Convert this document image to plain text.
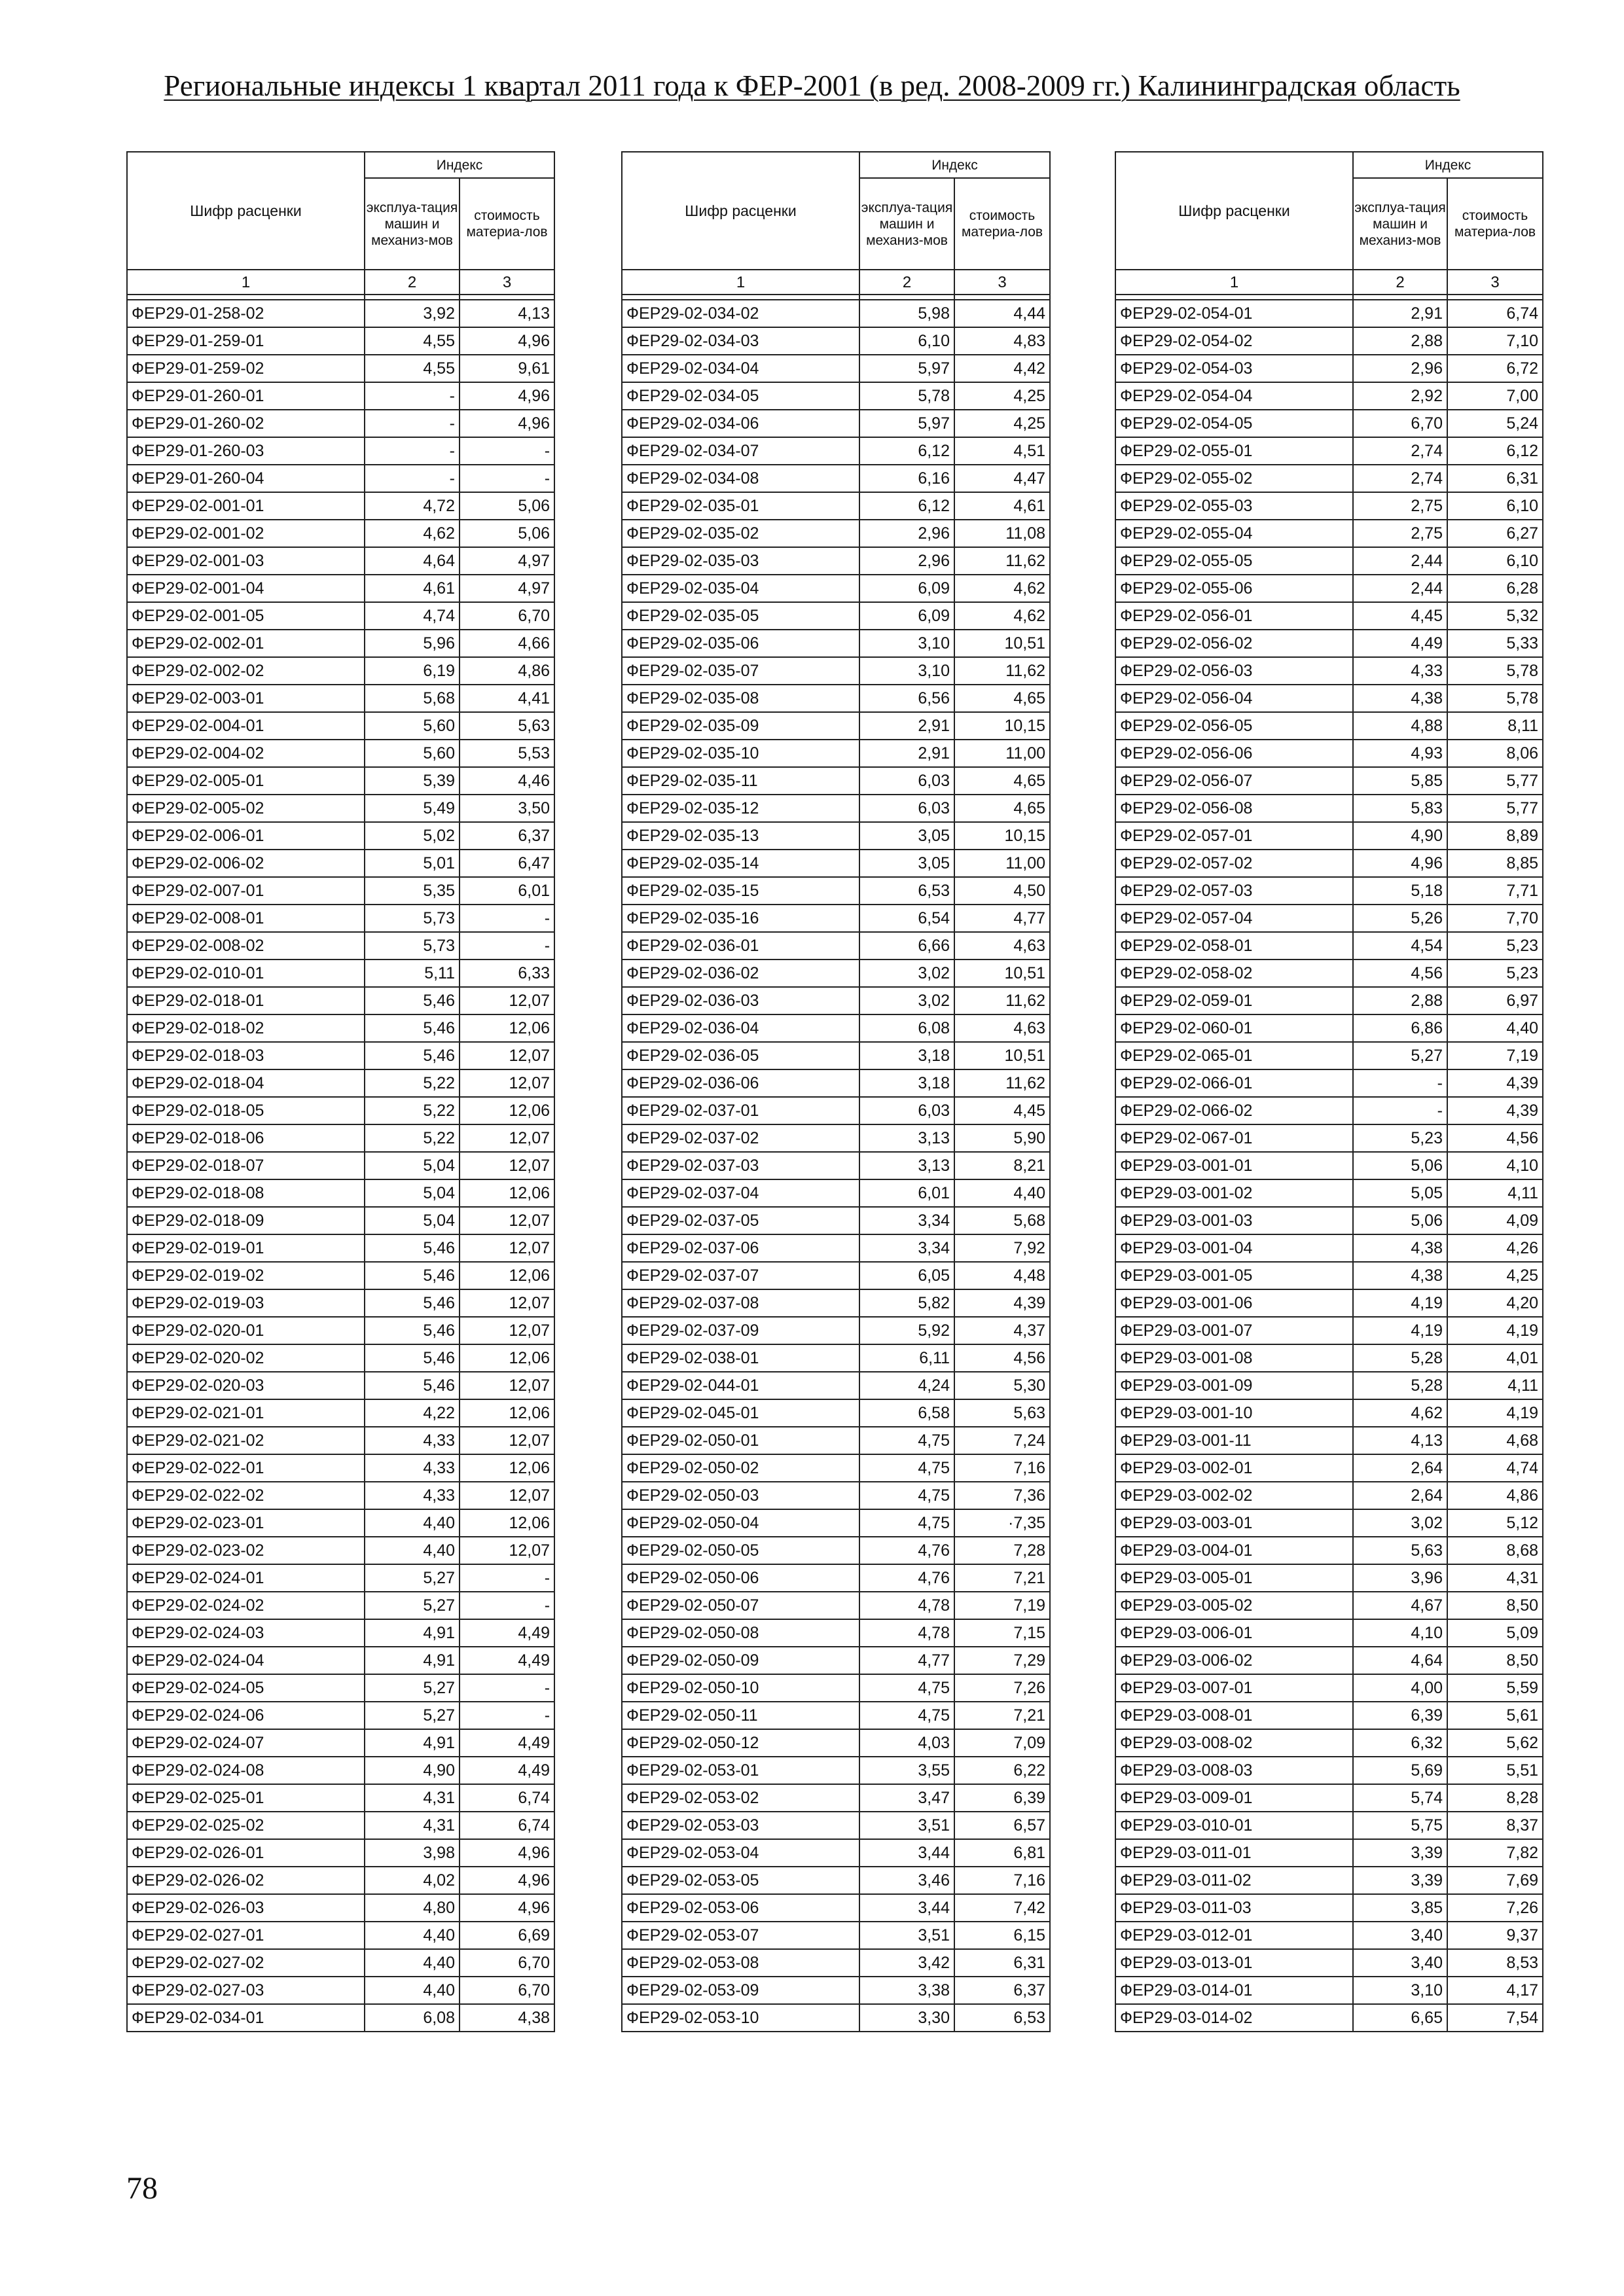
Региональные индексы 1 квартал 2011 года к ФЕР-2001 (в ред. 2008-2009 гг.) Калининградская область
Шифр расценки	Индекс	
	эксплуа-тация машин и механиз-мов	стоимость материа-лов
1	2	3

ФЕР29-01-258-02	3,92	4,13
ФЕР29-01-259-01	4,55	4,96
ФЕР29-01-259-02	4,55	9,61
ФЕР29-01-260-01	-	4,96
ФЕР29-01-260-02	-	4,96
ФЕР29-01-260-03	-	-
ФЕР29-01-260-04	-	-
ФЕР29-02-001-01	4,72	5,06
ФЕР29-02-001-02	4,62	5,06
ФЕР29-02-001-03	4,64	4,97
ФЕР29-02-001-04	4,61	4,97
ФЕР29-02-001-05	4,74	6,70
ФЕР29-02-002-01	5,96	4,66
ФЕР29-02-002-02	6,19	4,86
ФЕР29-02-003-01	5,68	4,41
ФЕР29-02-004-01	5,60	5,63
ФЕР29-02-004-02	5,60	5,53
ФЕР29-02-005-01	5,39	4,46
ФЕР29-02-005-02	5,49	3,50
ФЕР29-02-006-01	5,02	6,37
ФЕР29-02-006-02	5,01	6,47
ФЕР29-02-007-01	5,35	6,01
ФЕР29-02-008-01	5,73	-
ФЕР29-02-008-02	5,73	-
ФЕР29-02-010-01	5,11	6,33
ФЕР29-02-018-01	5,46	12,07
ФЕР29-02-018-02	5,46	12,06
ФЕР29-02-018-03	5,46	12,07
ФЕР29-02-018-04	5,22	12,07
ФЕР29-02-018-05	5,22	12,06
ФЕР29-02-018-06	5,22	12,07
ФЕР29-02-018-07	5,04	12,07
ФЕР29-02-018-08	5,04	12,06
ФЕР29-02-018-09	5,04	12,07
ФЕР29-02-019-01	5,46	12,07
ФЕР29-02-019-02	5,46	12,06
ФЕР29-02-019-03	5,46	12,07
ФЕР29-02-020-01	5,46	12,07
ФЕР29-02-020-02	5,46	12,06
ФЕР29-02-020-03	5,46	12,07
ФЕР29-02-021-01	4,22	12,06
ФЕР29-02-021-02	4,33	12,07
ФЕР29-02-022-01	4,33	12,06
ФЕР29-02-022-02	4,33	12,07
ФЕР29-02-023-01	4,40	12,06
ФЕР29-02-023-02	4,40	12,07
ФЕР29-02-024-01	5,27	-
ФЕР29-02-024-02	5,27	-
ФЕР29-02-024-03	4,91	4,49
ФЕР29-02-024-04	4,91	4,49
ФЕР29-02-024-05	5,27	-
ФЕР29-02-024-06	5,27	-
ФЕР29-02-024-07	4,91	4,49
ФЕР29-02-024-08	4,90	4,49
ФЕР29-02-025-01	4,31	6,74
ФЕР29-02-025-02	4,31	6,74
ФЕР29-02-026-01	3,98	4,96
ФЕР29-02-026-02	4,02	4,96
ФЕР29-02-026-03	4,80	4,96
ФЕР29-02-027-01	4,40	6,69
ФЕР29-02-027-02	4,40	6,70
ФЕР29-02-027-03	4,40	6,70
ФЕР29-02-034-01	6,08	4,38
Шифр расценки	Индекс	
	эксплуа-тация машин и механиз-мов	стоимость материа-лов
1	2	3

ФЕР29-02-034-02	5,98	4,44
ФЕР29-02-034-03	6,10	4,83
ФЕР29-02-034-04	5,97	4,42
ФЕР29-02-034-05	5,78	4,25
ФЕР29-02-034-06	5,97	4,25
ФЕР29-02-034-07	6,12	4,51
ФЕР29-02-034-08	6,16	4,47
ФЕР29-02-035-01	6,12	4,61
ФЕР29-02-035-02	2,96	11,08
ФЕР29-02-035-03	2,96	11,62
ФЕР29-02-035-04	6,09	4,62
ФЕР29-02-035-05	6,09	4,62
ФЕР29-02-035-06	3,10	10,51
ФЕР29-02-035-07	3,10	11,62
ФЕР29-02-035-08	6,56	4,65
ФЕР29-02-035-09	2,91	10,15
ФЕР29-02-035-10	2,91	11,00
ФЕР29-02-035-11	6,03	4,65
ФЕР29-02-035-12	6,03	4,65
ФЕР29-02-035-13	3,05	10,15
ФЕР29-02-035-14	3,05	11,00
ФЕР29-02-035-15	6,53	4,50
ФЕР29-02-035-16	6,54	4,77
ФЕР29-02-036-01	6,66	4,63
ФЕР29-02-036-02	3,02	10,51
ФЕР29-02-036-03	3,02	11,62
ФЕР29-02-036-04	6,08	4,63
ФЕР29-02-036-05	3,18	10,51
ФЕР29-02-036-06	3,18	11,62
ФЕР29-02-037-01	6,03	4,45
ФЕР29-02-037-02	3,13	5,90
ФЕР29-02-037-03	3,13	8,21
ФЕР29-02-037-04	6,01	4,40
ФЕР29-02-037-05	3,34	5,68
ФЕР29-02-037-06	3,34	7,92
ФЕР29-02-037-07	6,05	4,48
ФЕР29-02-037-08	5,82	4,39
ФЕР29-02-037-09	5,92	4,37
ФЕР29-02-038-01	6,11	4,56
ФЕР29-02-044-01	4,24	5,30
ФЕР29-02-045-01	6,58	5,63
ФЕР29-02-050-01	4,75	7,24
ФЕР29-02-050-02	4,75	7,16
ФЕР29-02-050-03	4,75	7,36
ФЕР29-02-050-04	4,75	·7,35
ФЕР29-02-050-05	4,76	7,28
ФЕР29-02-050-06	4,76	7,21
ФЕР29-02-050-07	4,78	7,19
ФЕР29-02-050-08	4,78	7,15
ФЕР29-02-050-09	4,77	7,29
ФЕР29-02-050-10	4,75	7,26
ФЕР29-02-050-11	4,75	7,21
ФЕР29-02-050-12	4,03	7,09
ФЕР29-02-053-01	3,55	6,22
ФЕР29-02-053-02	3,47	6,39
ФЕР29-02-053-03	3,51	6,57
ФЕР29-02-053-04	3,44	6,81
ФЕР29-02-053-05	3,46	7,16
ФЕР29-02-053-06	3,44	7,42
ФЕР29-02-053-07	3,51	6,15
ФЕР29-02-053-08	3,42	6,31
ФЕР29-02-053-09	3,38	6,37
ФЕР29-02-053-10	3,30	6,53
Шифр расценки	Индекс	
	эксплуа-тация машин и механиз-мов	стоимость материа-лов
1	2	3

ФЕР29-02-054-01	2,91	6,74
ФЕР29-02-054-02	2,88	7,10
ФЕР29-02-054-03	2,96	6,72
ФЕР29-02-054-04	2,92	7,00
ФЕР29-02-054-05	6,70	5,24
ФЕР29-02-055-01	2,74	6,12
ФЕР29-02-055-02	2,74	6,31
ФЕР29-02-055-03	2,75	6,10
ФЕР29-02-055-04	2,75	6,27
ФЕР29-02-055-05	2,44	6,10
ФЕР29-02-055-06	2,44	6,28
ФЕР29-02-056-01	4,45	5,32
ФЕР29-02-056-02	4,49	5,33
ФЕР29-02-056-03	4,33	5,78
ФЕР29-02-056-04	4,38	5,78
ФЕР29-02-056-05	4,88	8,11
ФЕР29-02-056-06	4,93	8,06
ФЕР29-02-056-07	5,85	5,77
ФЕР29-02-056-08	5,83	5,77
ФЕР29-02-057-01	4,90	8,89
ФЕР29-02-057-02	4,96	8,85
ФЕР29-02-057-03	5,18	7,71
ФЕР29-02-057-04	5,26	7,70
ФЕР29-02-058-01	4,54	5,23
ФЕР29-02-058-02	4,56	5,23
ФЕР29-02-059-01	2,88	6,97
ФЕР29-02-060-01	6,86	4,40
ФЕР29-02-065-01	5,27	7,19
ФЕР29-02-066-01	-	4,39
ФЕР29-02-066-02	-	4,39
ФЕР29-02-067-01	5,23	4,56
ФЕР29-03-001-01	5,06	4,10
ФЕР29-03-001-02	5,05	4,11
ФЕР29-03-001-03	5,06	4,09
ФЕР29-03-001-04	4,38	4,26
ФЕР29-03-001-05	4,38	4,25
ФЕР29-03-001-06	4,19	4,20
ФЕР29-03-001-07	4,19	4,19
ФЕР29-03-001-08	5,28	4,01
ФЕР29-03-001-09	5,28	4,11
ФЕР29-03-001-10	4,62	4,19
ФЕР29-03-001-11	4,13	4,68
ФЕР29-03-002-01	2,64	4,74
ФЕР29-03-002-02	2,64	4,86
ФЕР29-03-003-01	3,02	5,12
ФЕР29-03-004-01	5,63	8,68
ФЕР29-03-005-01	3,96	4,31
ФЕР29-03-005-02	4,67	8,50
ФЕР29-03-006-01	4,10	5,09
ФЕР29-03-006-02	4,64	8,50
ФЕР29-03-007-01	4,00	5,59
ФЕР29-03-008-01	6,39	5,61
ФЕР29-03-008-02	6,32	5,62
ФЕР29-03-008-03	5,69	5,51
ФЕР29-03-009-01	5,74	8,28
ФЕР29-03-010-01	5,75	8,37
ФЕР29-03-011-01	3,39	7,82
ФЕР29-03-011-02	3,39	7,69
ФЕР29-03-011-03	3,85	7,26
ФЕР29-03-012-01	3,40	9,37
ФЕР29-03-013-01	3,40	8,53
ФЕР29-03-014-01	3,10	4,17
ФЕР29-03-014-02	6,65	7,54
78
